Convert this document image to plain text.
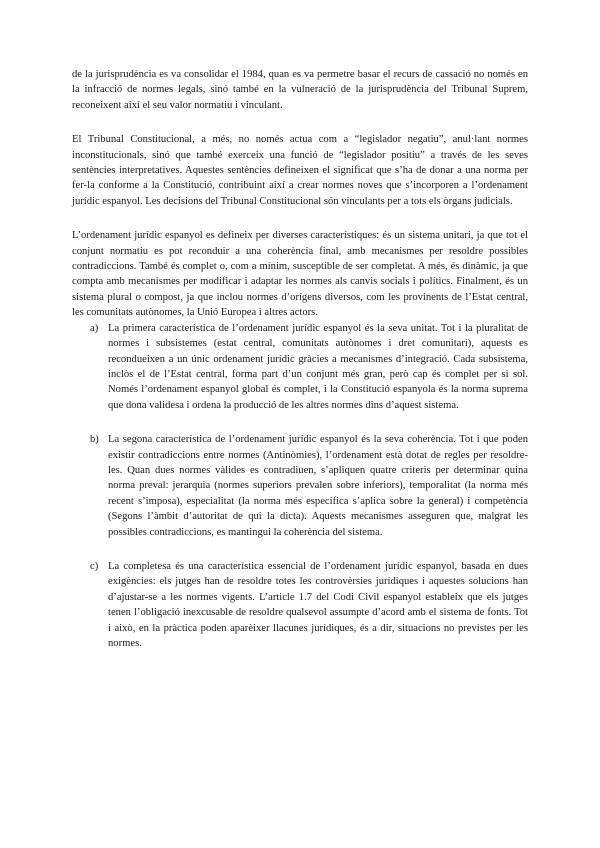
de la jurisprudència es va consolidar el 1984, quan es va permetre basar el recurs de cassació no només en la infracció de normes legals, sinó també en la vulneració de la jurisprudència del Tribunal Suprem, reconeixent així el seu valor normatiu i vinculant.

El Tribunal Constitucional, a més, no només actua com a “legislador negatiu”, anul·lant normes inconstitucionals, sinó que també exerceix una funció de “legislador positiu” a través de les seves sentències interpretatives. Aquestes sentències defineixen el significat que s’ha de donar a una norma per fer-la conforme a la Constitució, contribuint així a crear normes noves que s’incorporen a l’ordenament jurídic espanyol. Les decisions del Tribunal Constitucional són vinculants per a tots els òrgans judicials.

L’ordenament jurídic espanyol es defineix per diverses característiques: és un sistema unitari, ja que tot el conjunt normatiu es pot reconduir a una coherència final, amb mecanismes per resoldre possibles contradiccions. També és complet o, com a mínim, susceptible de ser completat. A més, és dinàmic, ja que compta amb mecanismes per modificar i adaptar les normes als canvis socials i polítics. Finalment, és un sistema plural o compost, ja que inclou normes d’orígens diversos, com les provinents de l’Estat central, les comunitats autònomes, la Unió Europea i altres actors.

a) La primera característica de l’ordenament jurídic espanyol és la seva unitat. Tot i la pluralitat de normes i subsistemes (estat central, comunitats autònomes i dret comunitari), aquests es recondueixen a un únic ordenament jurídic gràcies a mecanismes d’integració. Cada subsistema, inclòs el de l’Estat central, forma part d’un conjunt més gran, però cap és complet per si sol. Només l’ordenament espanyol global és complet, i la Constitució espanyola és la norma suprema que dona validesa i ordena la producció de les altres normes dins d’aquest sistema.

b) La segona característica de l’ordenament jurídic espanyol és la seva coherència. Tot i que poden existir contradiccions entre normes (Antinòmies), l’ordenament està dotat de regles per resoldre-les. Quan dues normes vàlides es contradiuen, s’apliquen quatre criteris per determinar quina norma preval: jerarquia (normes superiors prevalen sobre inferiors), temporalitat (la norma més recent s’imposa), especialitat (la norma més específica s’aplica sobre la general) i competència (Segons l’àmbit d’autoritat de qui la dicta). Aquests mecanismes asseguren que, malgrat les possibles contradiccions, es mantingui la coherència del sistema.

c) La completesa és una característica essencial de l’ordenament jurídic espanyol, basada en dues exigències: els jutges han de resoldre totes les controvèrsies jurídiques i aquestes solucions han d’ajustar-se a les normes vigents. L’article 1.7 del Codi Civil espanyol estableix que els jutges tenen l’obligació inexcusable de resoldre qualsevol assumpte d’acord amb el sistema de fonts. Tot i això, en la pràctica poden aparèixer llacunes jurídiques, és a dir, situacions no previstes per les normes.
